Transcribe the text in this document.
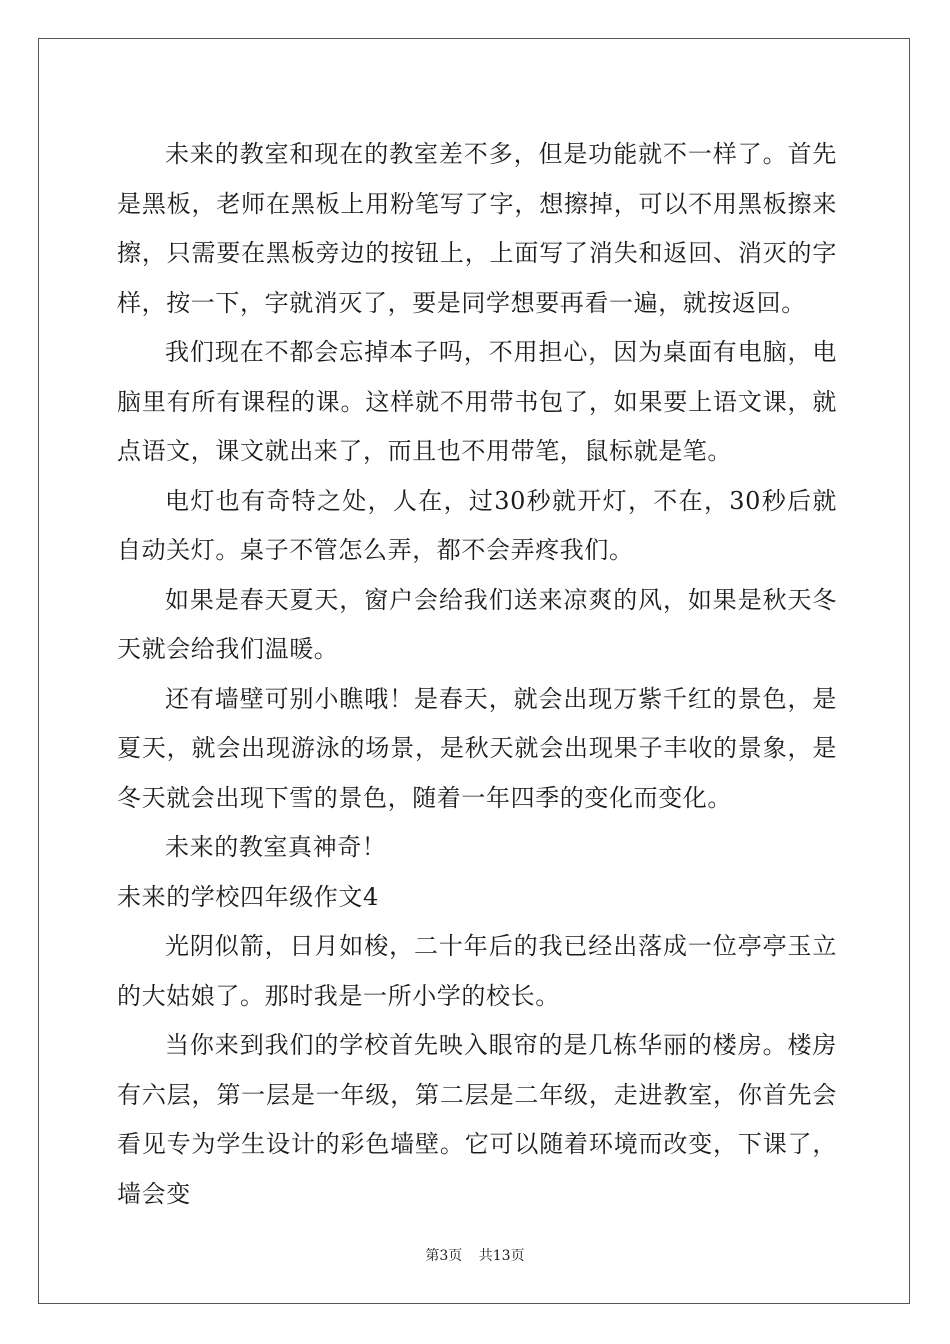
未来的教室和现在的教室差不多，但是功能就不一样了。首先是黑板，老师在黑板上用粉笔写了字，想擦掉，可以不用黑板擦来擦，只需要在黑板旁边的按钮上，上面写了消失和返回、消灭的字样，按一下，字就消灭了，要是同学想要再看一遍，就按返回。

我们现在不都会忘掉本子吗，不用担心，因为桌面有电脑，电脑里有所有课程的课。这样就不用带书包了，如果要上语文课，就点语文，课文就出来了，而且也不用带笔，鼠标就是笔。

电灯也有奇特之处，人在，过30秒就开灯，不在，30秒后就自动关灯。桌子不管怎么弄，都不会弄疼我们。

如果是春天夏天，窗户会给我们送来凉爽的风，如果是秋天冬天就会给我们温暖。

还有墙壁可别小瞧哦！是春天，就会出现万紫千红的景色，是夏天，就会出现游泳的场景，是秋天就会出现果子丰收的景象，是冬天就会出现下雪的景色，随着一年四季的变化而变化。

未来的教室真神奇！

未来的学校四年级作文4

光阴似箭，日月如梭，二十年后的我已经出落成一位亭亭玉立的大姑娘了。那时我是一所小学的校长。

当你来到我们的学校首先映入眼帘的是几栋华丽的楼房。楼房有六层，第一层是一年级，第二层是二年级，走进教室，你首先会看见专为学生设计的彩色墙壁。它可以随着环境而改变，下课了，墙会变

第3页 共13页
